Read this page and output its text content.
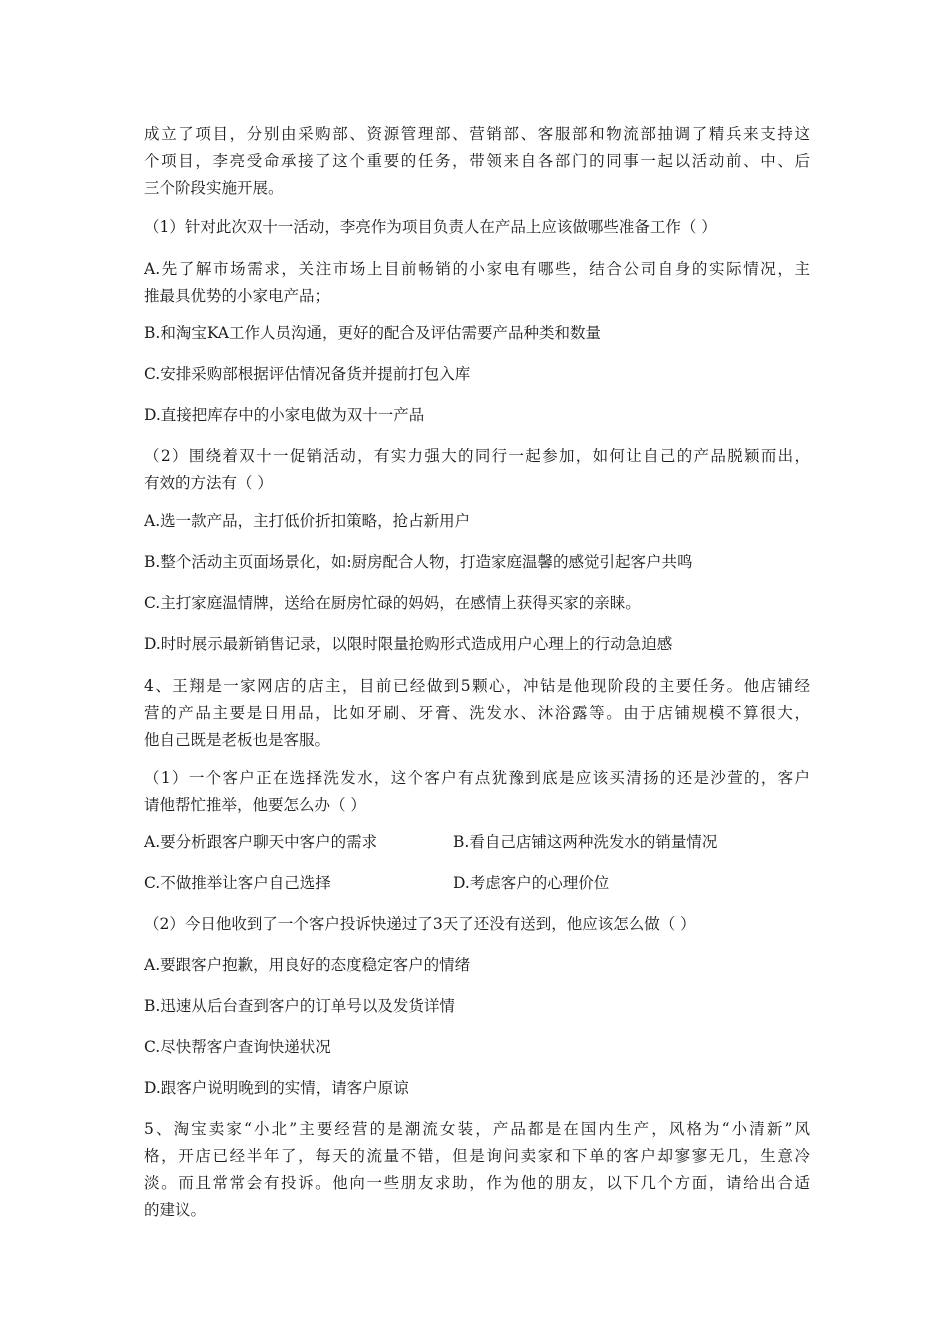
成立了项目，分别由采购部、资源管理部、营销部、客服部和物流部抽调了精兵来支持这
个项目，李亮受命承接了这个重要的任务，带领来自各部门的同事一起以活动前、中、后
三个阶段实施开展。
（1）针对此次双十一活动，李亮作为项目负责人在产品上应该做哪些准备工作（ ）
A.先了解市场需求，关注市场上目前畅销的小家电有哪些，结合公司自身的实际情况，主
推最具优势的小家电产品；
B.和淘宝KA工作人员沟通，更好的配合及评估需要产品种类和数量
C.安排采购部根据评估情况备货并提前打包入库
D.直接把库存中的小家电做为双十一产品
（2）围绕着双十一促销活动，有实力强大的同行一起参加，如何让自己的产品脱颖而出，
有效的方法有（ ）
A.选一款产品，主打低价折扣策略，抢占新用户
B.整个活动主页面场景化，如:厨房配合人物，打造家庭温馨的感觉引起客户共鸣
C.主打家庭温情牌，送给在厨房忙碌的妈妈，在感情上获得买家的亲睐。
D.时时展示最新销售记录，以限时限量抢购形式造成用户心理上的行动急迫感
4、王翔是一家网店的店主，目前已经做到5颗心，冲钻是他现阶段的主要任务。他店铺经
营的产品主要是日用品，比如牙刷、牙膏、洗发水、沐浴露等。由于店铺规模不算很大，
他自己既是老板也是客服。
（1）一个客户正在选择洗发水，这个客户有点犹豫到底是应该买清扬的还是沙萱的，客户
请他帮忙推举，他要怎么办（ ）
A.要分析跟客户聊天中客户的需求	B.看自己店铺这两种洗发水的销量情况
C.不做推举让客户自己选择	D.考虑客户的心理价位
（2）今日他收到了一个客户投诉快递过了3天了还没有送到，他应该怎么做（ ）
A.要跟客户抱歉，用良好的态度稳定客户的情绪
B.迅速从后台查到客户的订单号以及发货详情
C.尽快帮客户查询快递状况
D.跟客户说明晚到的实情，请客户原谅
5、淘宝卖家“小北”主要经营的是潮流女装，产品都是在国内生产，风格为“小清新”风
格，开店已经半年了，每天的流量不错，但是询问卖家和下单的客户却寥寥无几，生意冷
淡。而且常常会有投诉。他向一些朋友求助，作为他的朋友，以下几个方面，请给出合适
的建议。
